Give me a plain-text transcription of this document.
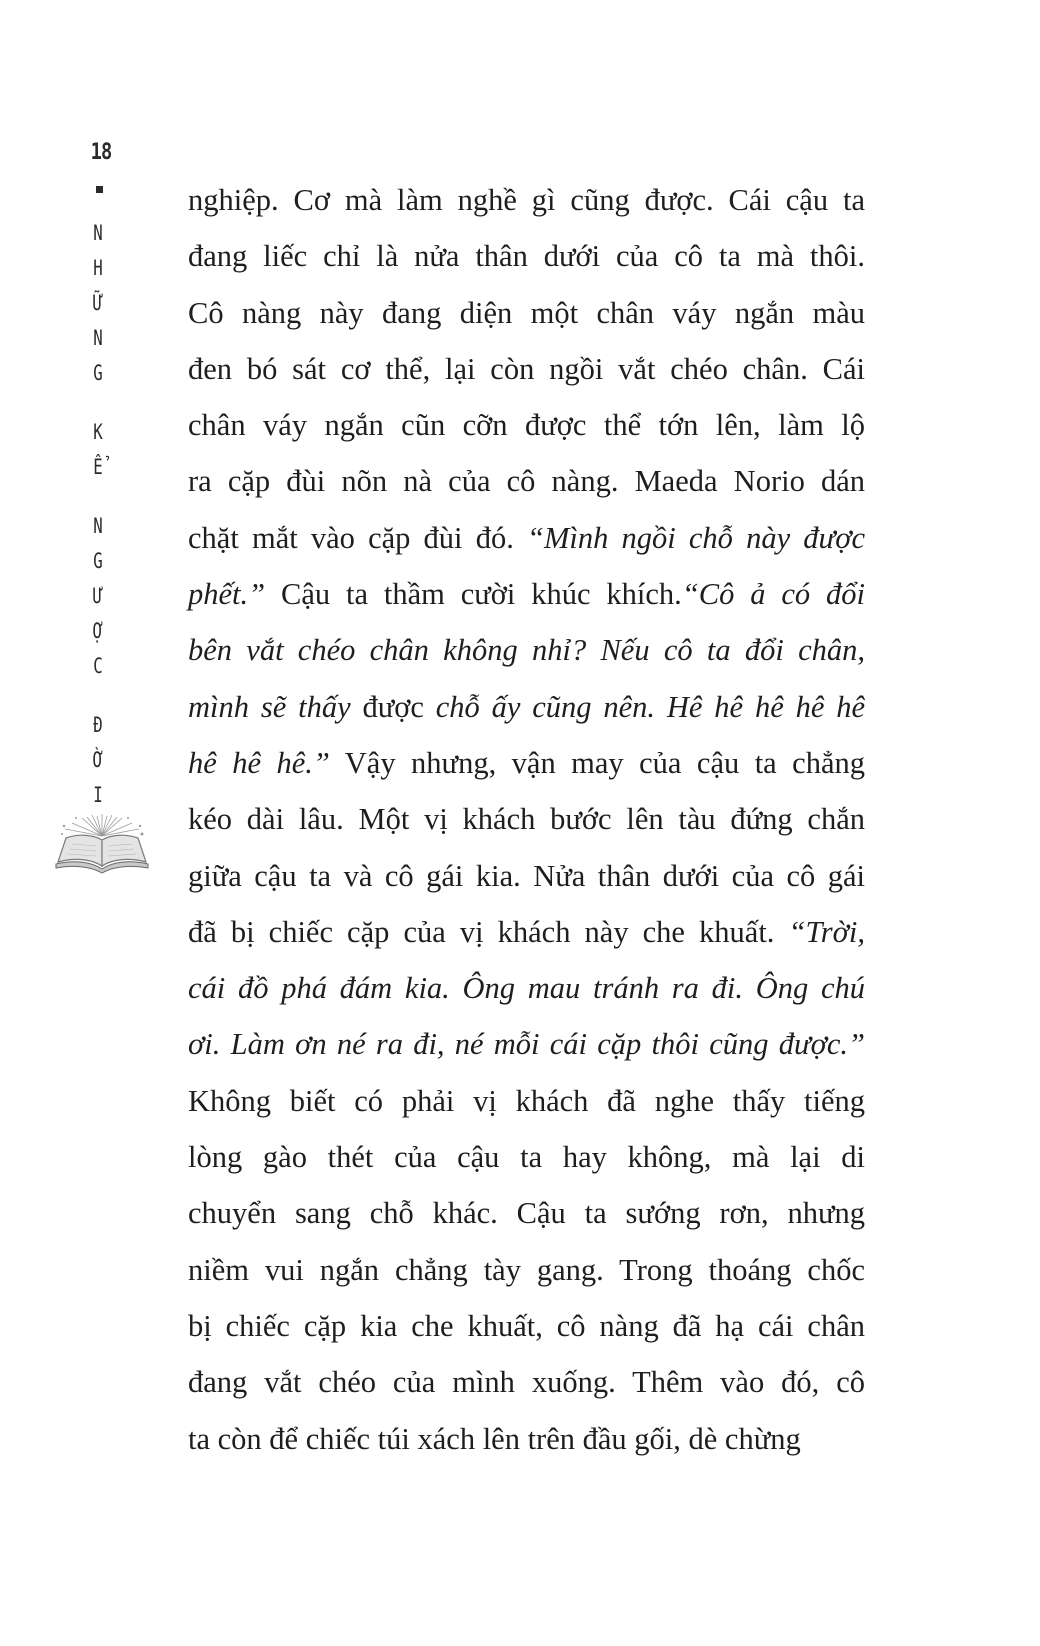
18
N
H
Ữ
N
G
K
Ể
N
G
Ư
Ợ
C
Đ
Ờ
I
nghiệp. Cơ mà làm nghề gì cũng được. Cái cậu ta
đang liếc chỉ là nửa thân dưới của cô ta mà thôi.
Cô nàng này đang diện một chân váy ngắn màu
đen bó sát cơ thể, lại còn ngồi vắt chéo chân. Cái
chân váy ngắn cũn cỡn được thể tớn lên, làm lộ
ra cặp đùi nõn nà của cô nàng. Maeda Norio dán
chặt mắt vào cặp đùi đó. “Mình ngồi chỗ này được
phết.” Cậu ta thầm cười khúc khích.“Cô ả có đổi
bên vắt chéo chân không nhỉ? Nếu cô ta đổi chân,
mình sẽ thấy được chỗ ấy cũng nên. Hê hê hê hê hê
hê hê hê.” Vậy nhưng, vận may của cậu ta chẳng
kéo dài lâu. Một vị khách bước lên tàu đứng chắn
giữa cậu ta và cô gái kia. Nửa thân dưới của cô gái
đã bị chiếc cặp của vị khách này che khuất. “Trời,
cái đồ phá đám kia. Ông mau tránh ra đi. Ông chú
ơi. Làm ơn né ra đi, né mỗi cái cặp thôi cũng được.”
Không biết có phải vị khách đã nghe thấy tiếng
lòng gào thét của cậu ta hay không, mà lại di
chuyển sang chỗ khác. Cậu ta sướng rơn, nhưng
niềm vui ngắn chẳng tày gang. Trong thoáng chốc
bị chiếc cặp kia che khuất, cô nàng đã hạ cái chân
đang vắt chéo của mình xuống. Thêm vào đó, cô
ta còn để chiếc túi xách lên trên đầu gối, dè chừng
